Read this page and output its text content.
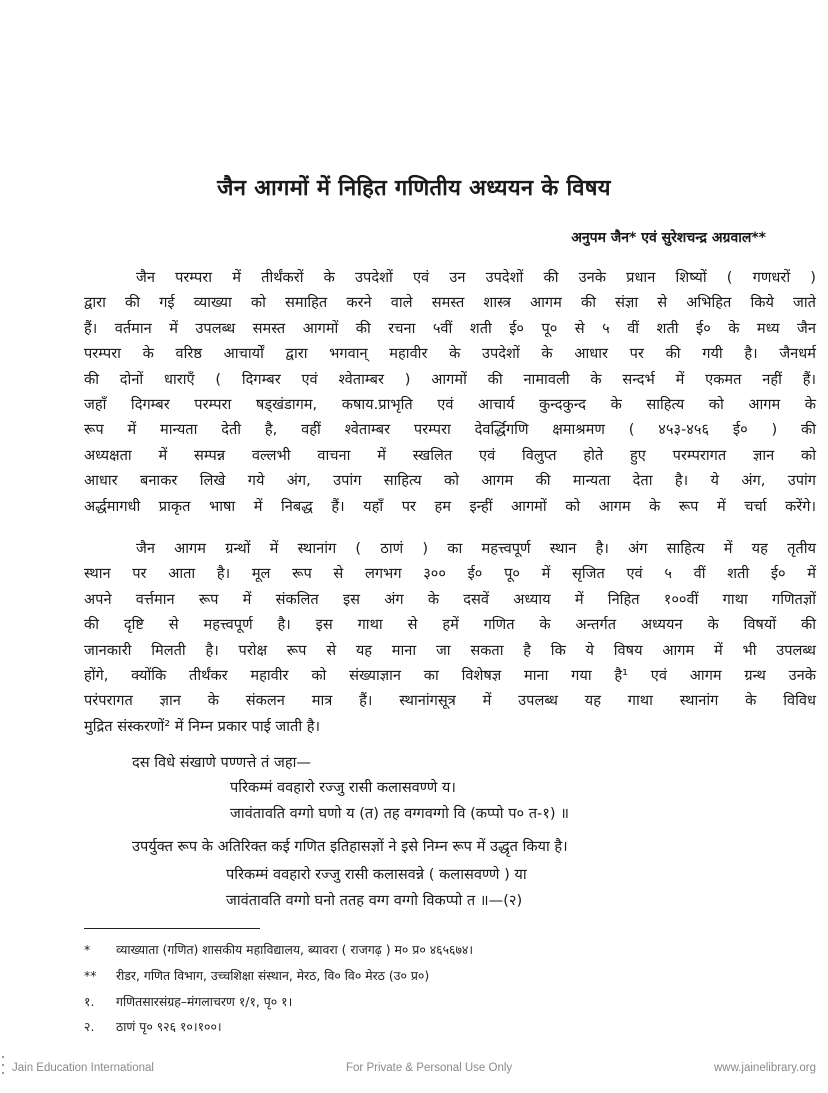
जैन आगमों में निहित गणितीय अध्ययन के विषय
अनुपम जैन* एवं सुरेशचन्द्र अग्रवाल**
जैन परम्परा में तीर्थंकरों के उपदेशों एवं उन उपदेशों की उनके प्रधान शिष्यों ( गणधरों )
द्वारा की गई व्याख्या को समाहित करने वाले समस्त शास्त्र आगम की संज्ञा से अभिहित किये जाते
हैं। वर्तमान में उपलब्ध समस्त आगमों की रचना ५वीं शती ई० पू० से ५ वीं शती ई० के मध्य जैन
परम्परा के वरिष्ठ आचार्यों द्वारा भगवान् महावीर के उपदेशों के आधार पर की गयी है। जैनधर्म
की दोनों धाराएँ ( दिगम्बर एवं श्वेताम्बर ) आगमों की नामावली के सन्दर्भ में एकमत नहीं हैं।
जहाँ दिगम्बर परम्परा षड्खंडागम, कषाय.प्राभृति एवं आचार्य कुन्दकुन्द के साहित्य को आगम के
रूप में मान्यता देती है, वहीं श्वेताम्बर परम्परा देवर्द्धिगणि क्षमाश्रमण ( ४५३-४५६ ई० ) की
अध्यक्षता में सम्पन्न वल्लभी वाचना में स्खलित एवं विलुप्त होते हुए परम्परागत ज्ञान को
आधार बनाकर लिखे गये अंग, उपांग साहित्य को आगम की मान्यता देता है। ये अंग, उपांग
अर्द्धमागधी प्राकृत भाषा में निबद्ध हैं। यहाँ पर हम इन्हीं आगमों को आगम के रूप में चर्चा करेंगे।
जैन आगम ग्रन्थों में स्थानांग ( ठाणं ) का महत्त्वपूर्ण स्थान है। अंग साहित्य में यह तृतीय
स्थान पर आता है। मूल रूप से लगभग ३०० ई० पू० में सृजित एवं ५ वीं शती ई० में
अपने वर्त्तमान रूप में संकलित इस अंग के दसवें अध्याय में निहित १००वीं गाथा गणितज्ञों
की दृष्टि से महत्त्वपूर्ण है। इस गाथा से हमें गणित के अन्तर्गत अध्ययन के विषयों की
जानकारी मिलती है। परोक्ष रूप से यह माना जा सकता है कि ये विषय आगम में भी उपलब्ध
होंगे, क्योंकि तीर्थंकर महावीर को संख्याज्ञान का विशेषज्ञ माना गया है¹ एवं आगम ग्रन्थ उनके
परंपरागत ज्ञान के संकलन मात्र हैं। स्थानांगसूत्र में उपलब्ध यह गाथा स्थानांग के विविध
मुद्रित संस्करणों² में निम्न प्रकार पाई जाती है।
दस विधे संखाणे पण्णत्ते तं जहा—
परिकम्मं ववहारो रज्जु रासी कलासवण्णे य।
जावंतावति वग्गो घणो य (त) तह वग्गवग्गो वि (कप्पो प० त-१) ॥
उपर्युक्त रूप के अतिरिक्त कई गणित इतिहासज्ञों ने इसे निम्न रूप में उद्धृत किया है।
परिकम्मं ववहारो रज्जु रासी कलासवन्ने ( कलासवण्णे ) या
जावंतावति वग्गो घनो ततह वग्ग वग्गो विकप्पो त ॥—(२)
* व्याख्याता (गणित) शासकीय महाविद्यालय, ब्यावरा ( राजगढ़ ) म० प्र० ४६५६७४।
** रीडर, गणित विभाग, उच्चशिक्षा संस्थान, मेरठ, वि० वि० मेरठ (उ० प्र०)
१. गणितसारसंग्रह–मंगलाचरण १/१, पृ० १।
२. ठाणं पृ० ९२६ १०।१००।
Jain Education International	For Private & Personal Use Only	www.jainelibrary.org
